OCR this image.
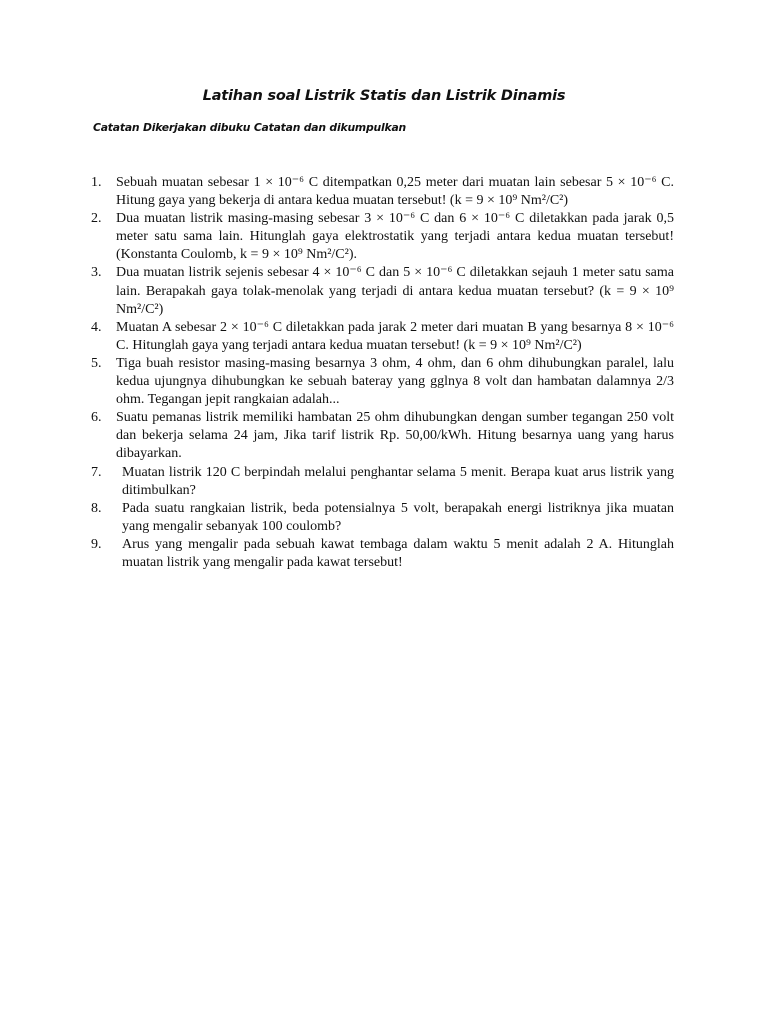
Latihan soal Listrik Statis dan Listrik Dinamis
Catatan Dikerjakan dibuku Catatan dan dikumpulkan
1.	Sebuah muatan sebesar 1 × 10⁻⁶ C ditempatkan 0,25 meter dari muatan lain sebesar 5 × 10⁻⁶ C. Hitung gaya yang bekerja di antara kedua muatan tersebut! (k = 9 × 10⁹ Nm²/C²)
2.	Dua muatan listrik masing-masing sebesar 3 × 10⁻⁶ C dan 6 × 10⁻⁶ C diletakkan pada jarak 0,5 meter satu sama lain. Hitunglah gaya elektrostatik yang terjadi antara kedua muatan tersebut! (Konstanta Coulomb, k = 9 × 10⁹ Nm²/C²).
3.	Dua muatan listrik sejenis sebesar 4 × 10⁻⁶ C dan 5 × 10⁻⁶ C diletakkan sejauh 1 meter satu sama lain. Berapakah gaya tolak-menolak yang terjadi di antara kedua muatan tersebut? (k = 9 × 10⁹ Nm²/C²)
4.	Muatan A sebesar 2 × 10⁻⁶ C diletakkan pada jarak 2 meter dari muatan B yang besarnya 8 × 10⁻⁶ C. Hitunglah gaya yang terjadi antara kedua muatan tersebut! (k = 9 × 10⁹ Nm²/C²)
5.	Tiga buah resistor masing-masing besarnya 3 ohm, 4 ohm, dan 6 ohm dihubungkan paralel, lalu kedua ujungnya dihubungkan ke sebuah bateray yang gglnya 8 volt dan hambatan dalamnya 2/3 ohm. Tegangan jepit rangkaian adalah...
6.	Suatu pemanas listrik memiliki hambatan 25 ohm dihubungkan dengan sumber tegangan 250 volt dan bekerja selama 24 jam, Jika tarif listrik Rp. 50,00/kWh. Hitung besarnya uang yang harus dibayarkan.
7.	Muatan listrik 120 C berpindah melalui penghantar selama 5 menit. Berapa kuat arus listrik yang ditimbulkan?
8.	Pada suatu rangkaian listrik, beda potensialnya 5 volt, berapakah energi listriknya jika muatan yang mengalir sebanyak 100 coulomb?
9.	Arus yang mengalir pada sebuah kawat tembaga dalam waktu 5 menit adalah 2 A. Hitunglah muatan listrik yang mengalir pada kawat tersebut!
